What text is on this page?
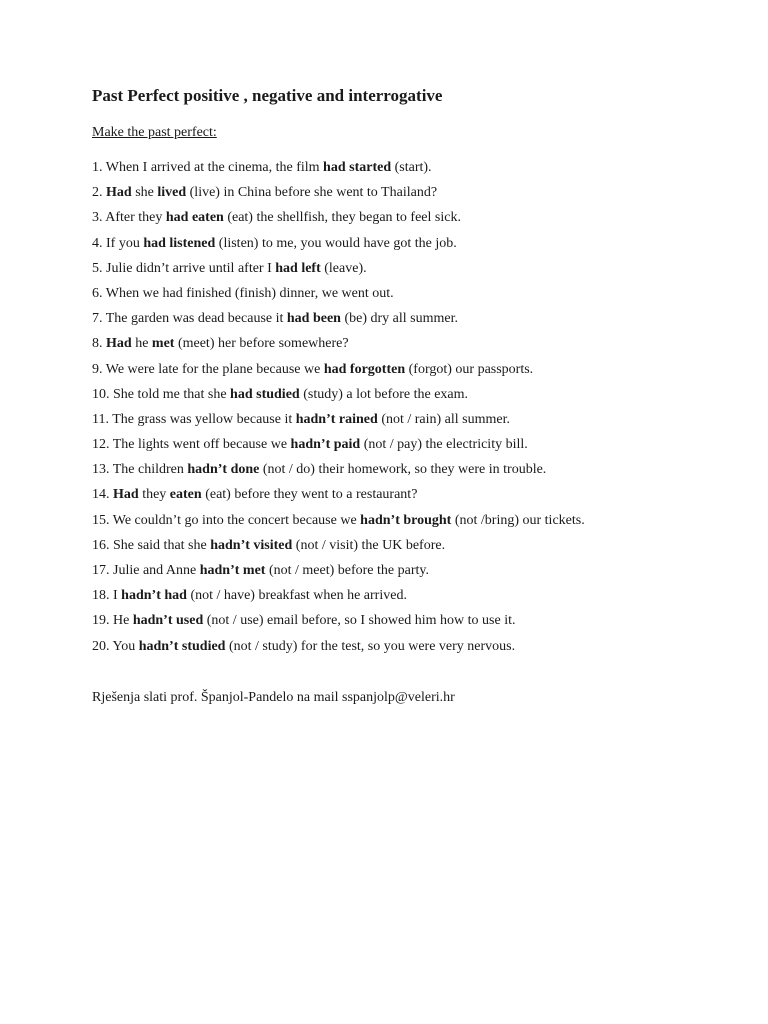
Past Perfect positive , negative and interrogative
Make the past perfect:
1. When I arrived at the cinema, the film had started (start).
2. Had she lived (live) in China before she went to Thailand?
3. After they had eaten (eat) the shellfish, they began to feel sick.
4. If you had listened (listen) to me, you would have got the job.
5. Julie didn’t arrive until after I had left (leave).
6. When we had finished (finish) dinner, we went out.
7. The garden was dead because it had been (be) dry all summer.
8. Had he met (meet) her before somewhere?
9. We were late for the plane because we had forgotten (forgot) our passports.
10. She told me that she had studied (study) a lot before the exam.
11. The grass was yellow because it hadn’t rained (not / rain) all summer.
12. The lights went off because we hadn’t paid (not / pay) the electricity bill.
13. The children hadn’t done (not / do) their homework, so they were in trouble.
14. Had they eaten (eat) before they went to a restaurant?
15. We couldn’t go into the concert because we hadn’t brought (not /bring) our tickets.
16. She said that she hadn’t visited (not / visit) the UK before.
17. Julie and Anne hadn’t met (not / meet) before the party.
18. I hadn’t had (not / have) breakfast when he arrived.
19. He hadn’t used (not / use) email before, so I showed him how to use it.
20. You hadn’t studied (not / study) for the test, so you were very nervous.
Rješenja slati prof. Španjol-Pandelo na mail sspanjolp@veleri.hr
